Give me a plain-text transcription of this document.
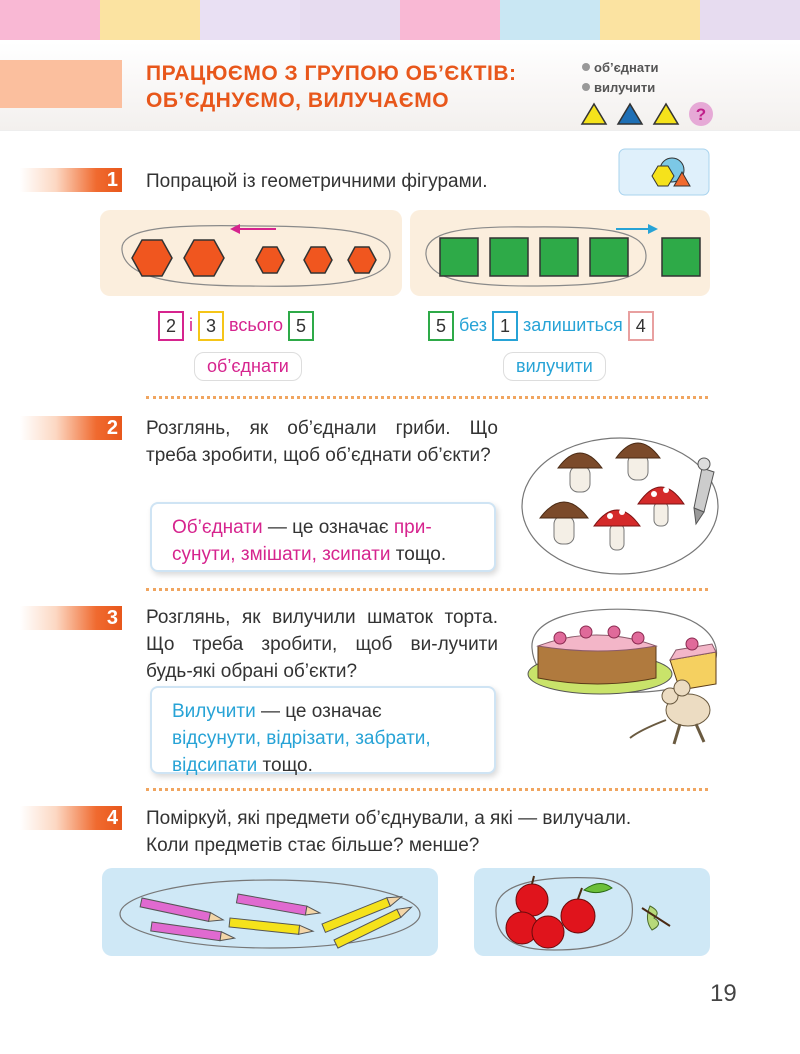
ПРАЦЮЄМО З ГРУПОЮ ОБ’ЄКТІВ:
ОБ’ЄДНУЄМО, ВИЛУЧАЄМО
об’єднати
вилучити
?
1 Попрацюй із геометричними фігурами.
2 і 3 всього 5	5 без 1 залишиться 4
об’єднати	вилучити
2 Розглянь, як об’єднали гриби. Що треба зробити, щоб об’єднати об’єкти?
Об’єднати — це означає при-
сунути, змішати, зсипати тощо.
3 Розглянь, як вилучили шматок торта. Що треба зробити, щоб ви-лучити будь-які обрані об’єкти?
Вилучити — це означає
відсунути, відрізати, забрати,
відсипати тощо.
4 Поміркуй, які предмети об’єднували, а які — вилучали.
Коли предметів стає більше? менше?
19
